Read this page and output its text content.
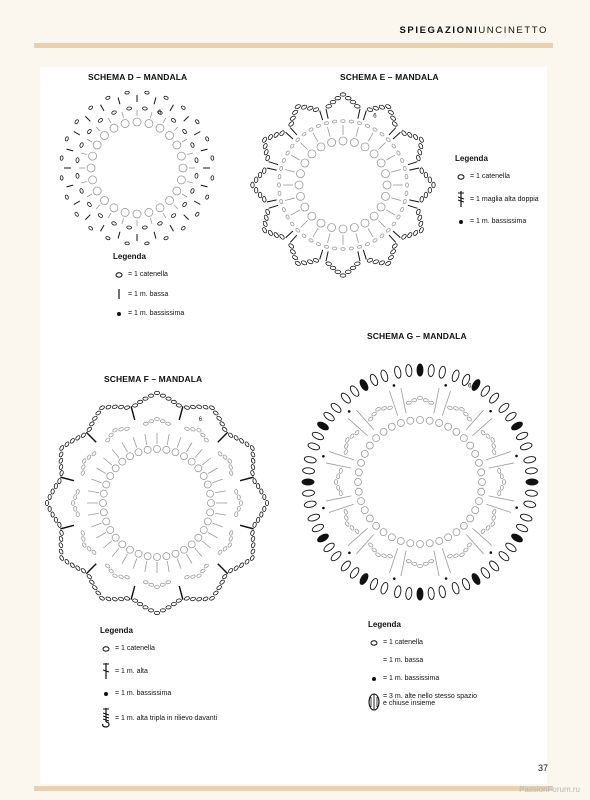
SPIEGAZIONIUNCINETTO
SCHEMA D – MANDALA	SCHEMA E – MANDALA
SCHEMA F – MANDALA
SCHEMA G – MANDALA
6
6
6
6
Legenda
= 1 catenella
= 1 m. bassa
= 1 m. bassissima
Legenda
= 1 catenella
= 1 maglia alta doppia
= 1 m. bassissima
Legenda
= 1 catenella
= 1 m. alta
= 1 m. bassissima
= 1 m. alta tripla in rilievo davanti
Legenda
= 1 catenella
= 1 m. bassa
= 1 m. bassissima
= 3 m. alte nello stesso spazio
e chiuse insieme
37
PassionForum.ru
